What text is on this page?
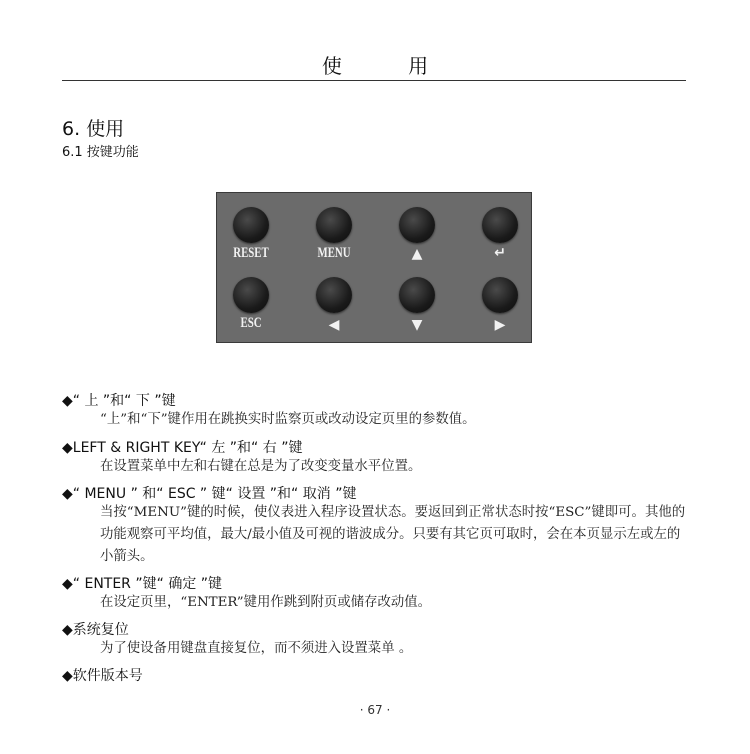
使 用
6. 使用
6.1 按键功能
RESET	MENU	▲	↵
ESC	◀	▼	▶
◆“ 上 ”和“ 下 ”键
“上”和“下”键作用在跳换实时监察页或改动设定页里的参数值。
◆LEFT & RIGHT KEY“ 左 ”和“ 右 ”键
在设置菜单中左和右键在总是为了改变变量水平位置。
◆“ MENU ” 和“ ESC ” 键“ 设置 ”和“ 取消 ”键
当按“MENU”键的时候，使仪表进入程序设置状态。要返回到正常状态时按“ESC”键即可。其他的功能观察可平均值，最大/最小值及可视的谐波成分。只要有其它页可取时，会在本页显示左或左的小箭头。
◆“ ENTER ”键“ 确定 ”键
在设定页里，“ENTER”键用作跳到附页或储存改动值。
◆系统复位
为了使设备用键盘直接复位，而不须进入设置菜单 。
◆软件版本号
· 67 ·
